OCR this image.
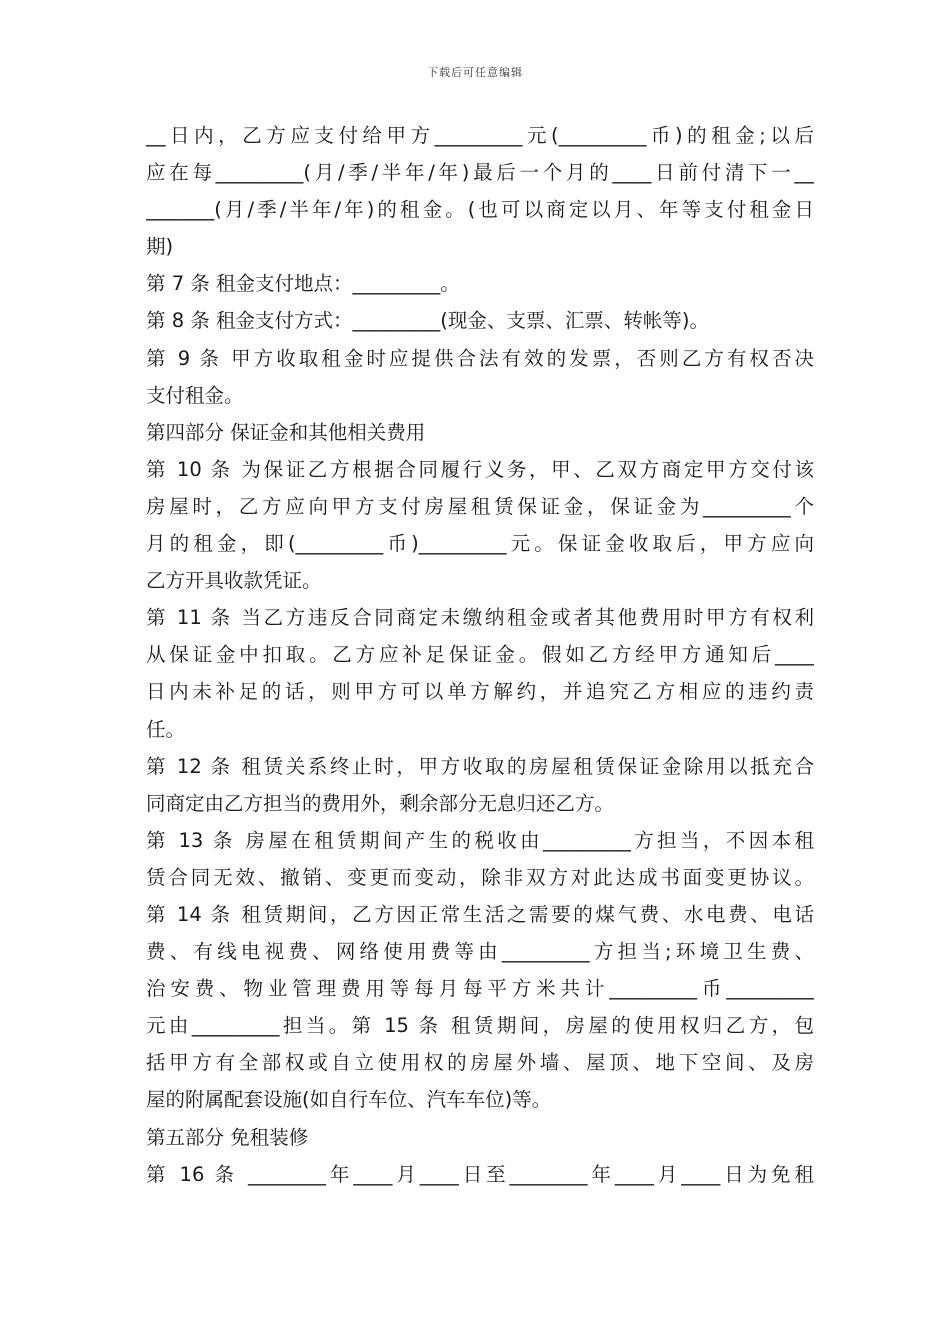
下载后可任意编辑
__日内，乙方应支付给甲方_________元(_________币)的租金;以后
应在每_________(月/季/半年/年)最后一个月的____日前付清下一__
_______(月/季/半年/年)的租金。(也可以商定以月、年等支付租金日
期)
第 7 条 租金支付地点：_________。
第 8 条 租金支付方式：_________(现金、支票、汇票、转帐等)。
第 9 条 甲方收取租金时应提供合法有效的发票，否则乙方有权否决
支付租金。
第四部分 保证金和其他相关费用
第 10 条 为保证乙方根据合同履行义务，甲、乙双方商定甲方交付该
房屋时，乙方应向甲方支付房屋租赁保证金，保证金为_________个
月的租金，即(_________币)_________元。保证金收取后，甲方应向
乙方开具收款凭证。
第 11 条 当乙方违反合同商定未缴纳租金或者其他费用时甲方有权利
从保证金中扣取。乙方应补足保证金。假如乙方经甲方通知后____
日内未补足的话，则甲方可以单方解约，并追究乙方相应的违约责
任。
第 12 条 租赁关系终止时，甲方收取的房屋租赁保证金除用以抵充合
同商定由乙方担当的费用外，剩余部分无息归还乙方。
第 13 条 房屋在租赁期间产生的税收由_________方担当，不因本租
赁合同无效、撤销、变更而变动，除非双方对此达成书面变更协议。
第 14 条 租赁期间，乙方因正常生活之需要的煤气费、水电费、电话
费、有线电视费、网络使用费等由_________方担当;环境卫生费、
治安费、物业管理费用等每月每平方米共计_________币_________
元由_________担当。第 15 条 租赁期间，房屋的使用权归乙方，包
括甲方有全部权或自立使用权的房屋外墙、屋顶、地下空间、及房
屋的附属配套设施(如自行车位、汽车车位)等。
第五部分 免租装修
第 16 条 ________年____月____日至________年____月____日为免租
